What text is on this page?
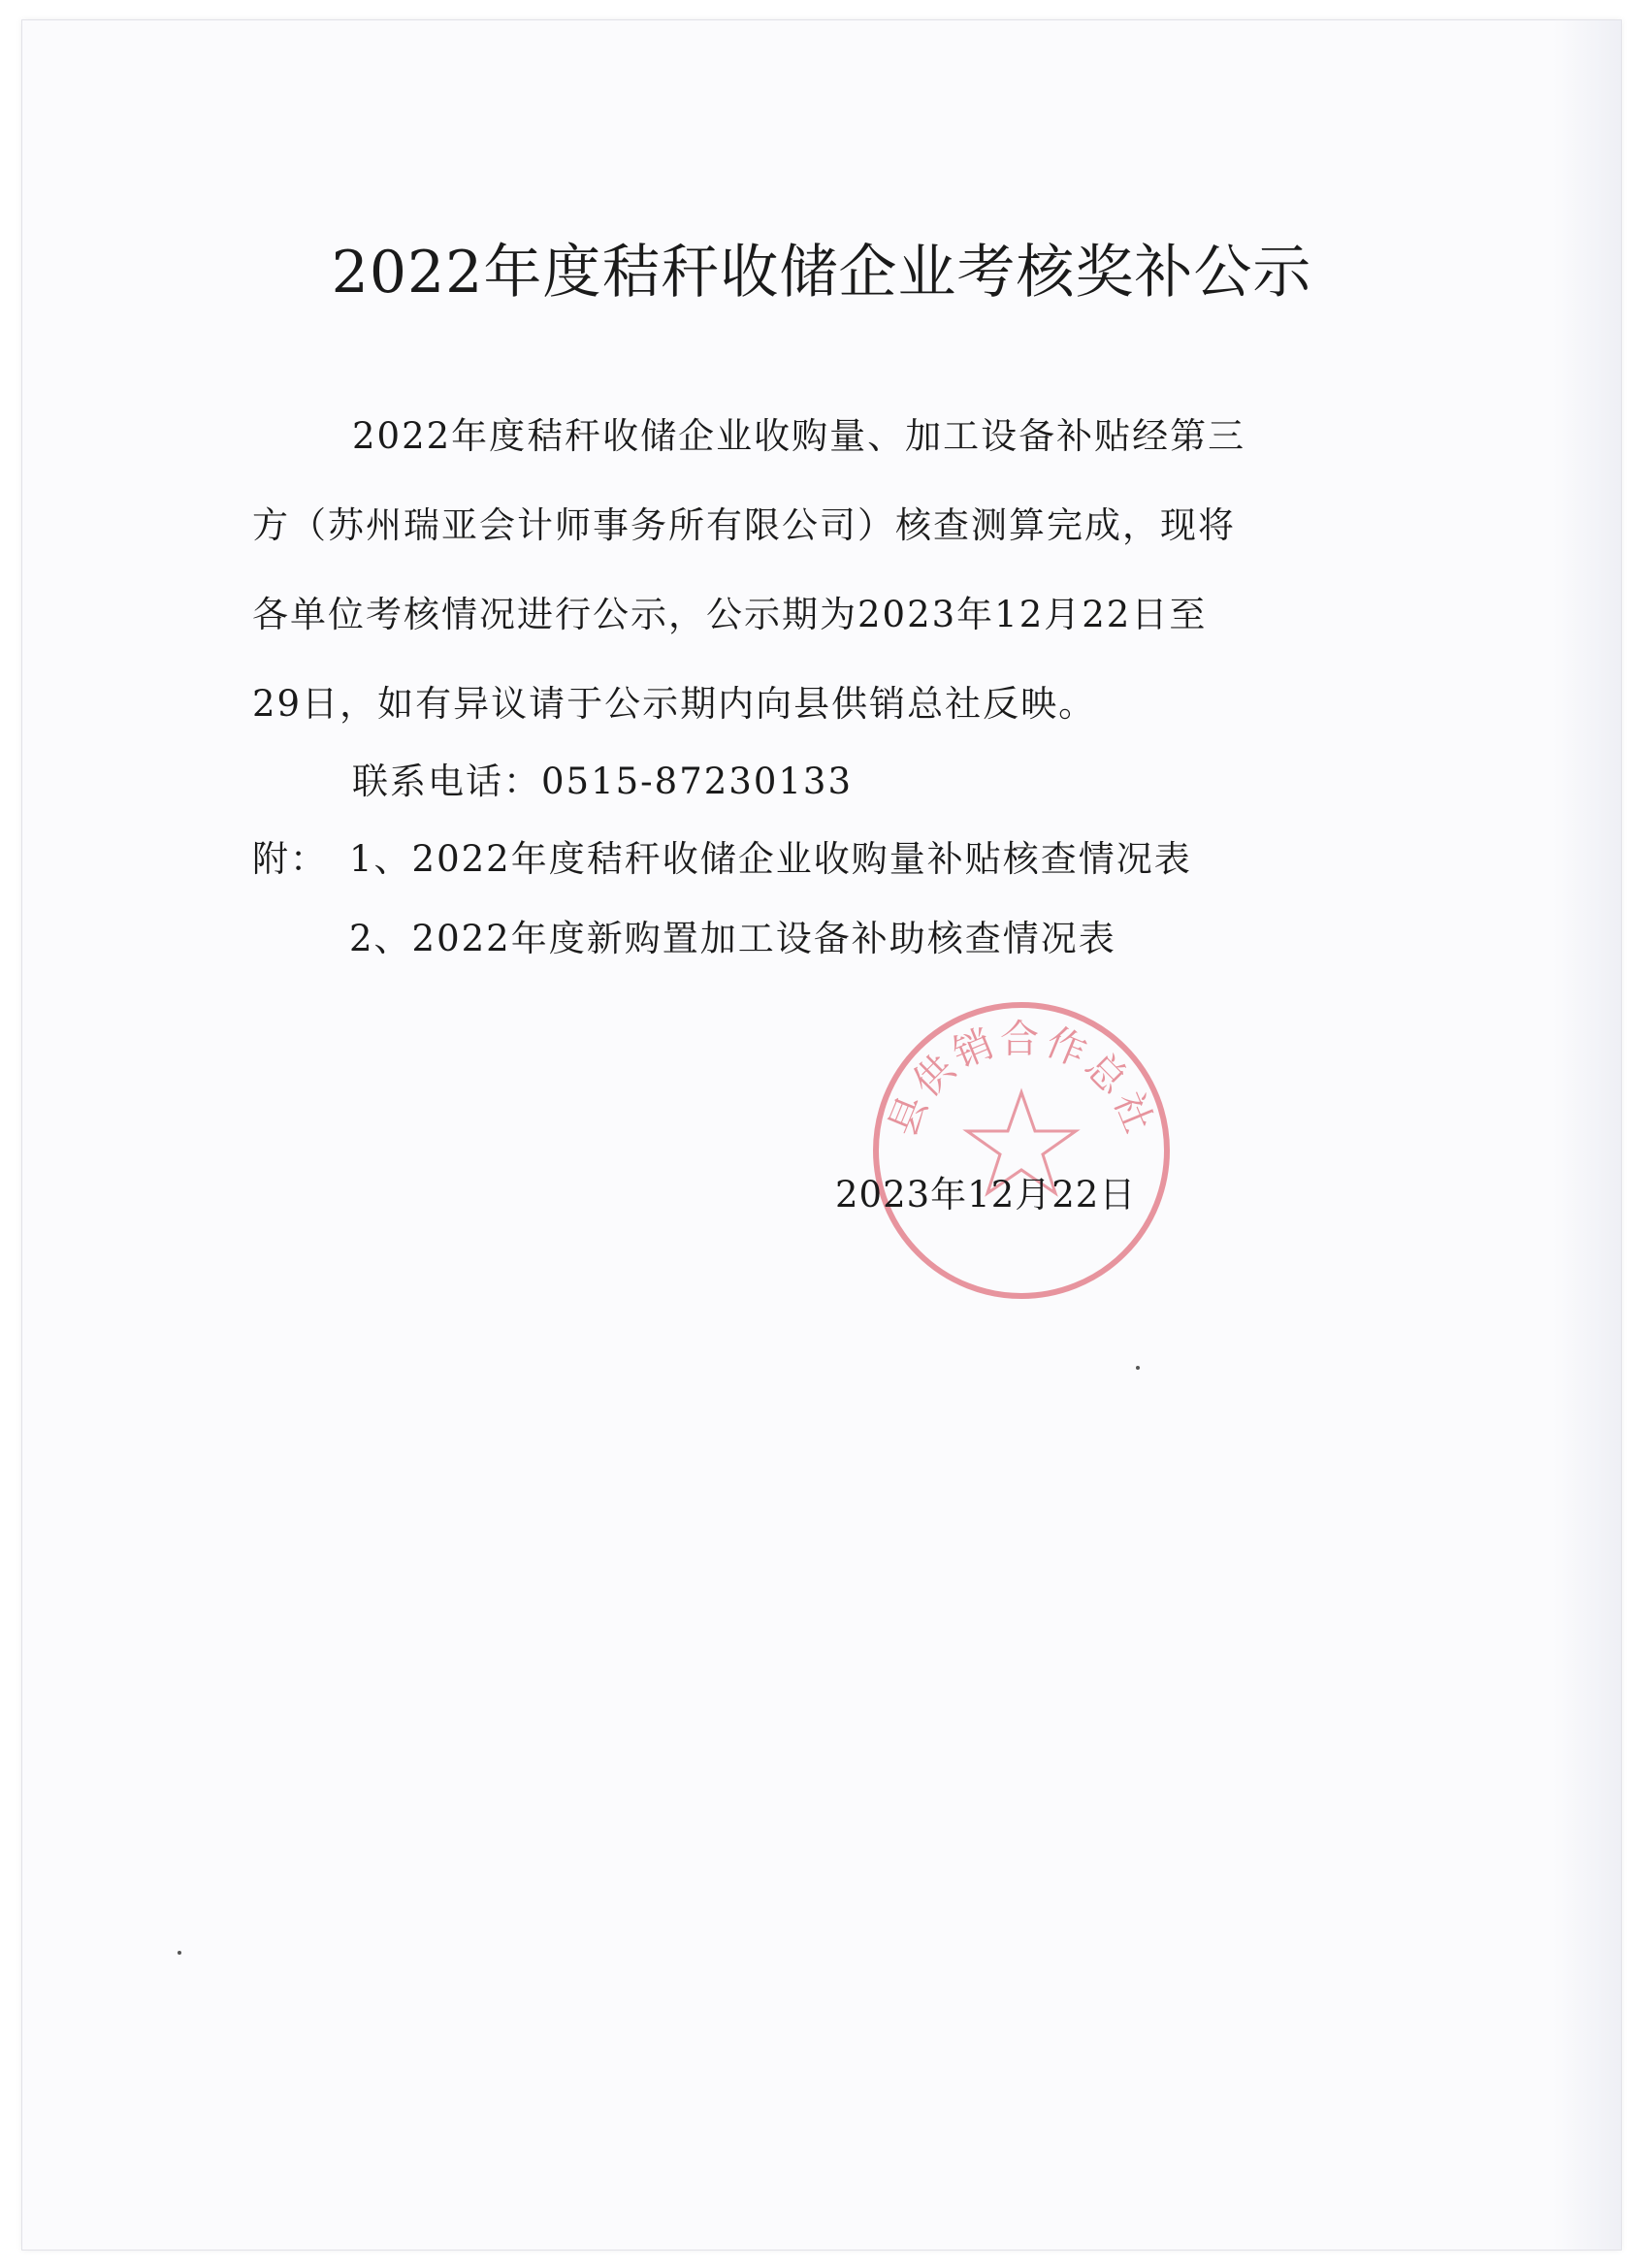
2022年度秸秆收储企业考核奖补公示
2022年度秸秆收储企业收购量、加工设备补贴经第三
方（苏州瑞亚会计师事务所有限公司）核查测算完成，现将
各单位考核情况进行公示，公示期为2023年12月22日至
29日，如有异议请于公示期内向县供销总社反映。
联系电话：0515-87230133
附： 1、2022年度秸秆收储企业收购量补贴核查情况表
2、2022年度新购置加工设备补助核查情况表
县供销合作总社
2023年12月22日
